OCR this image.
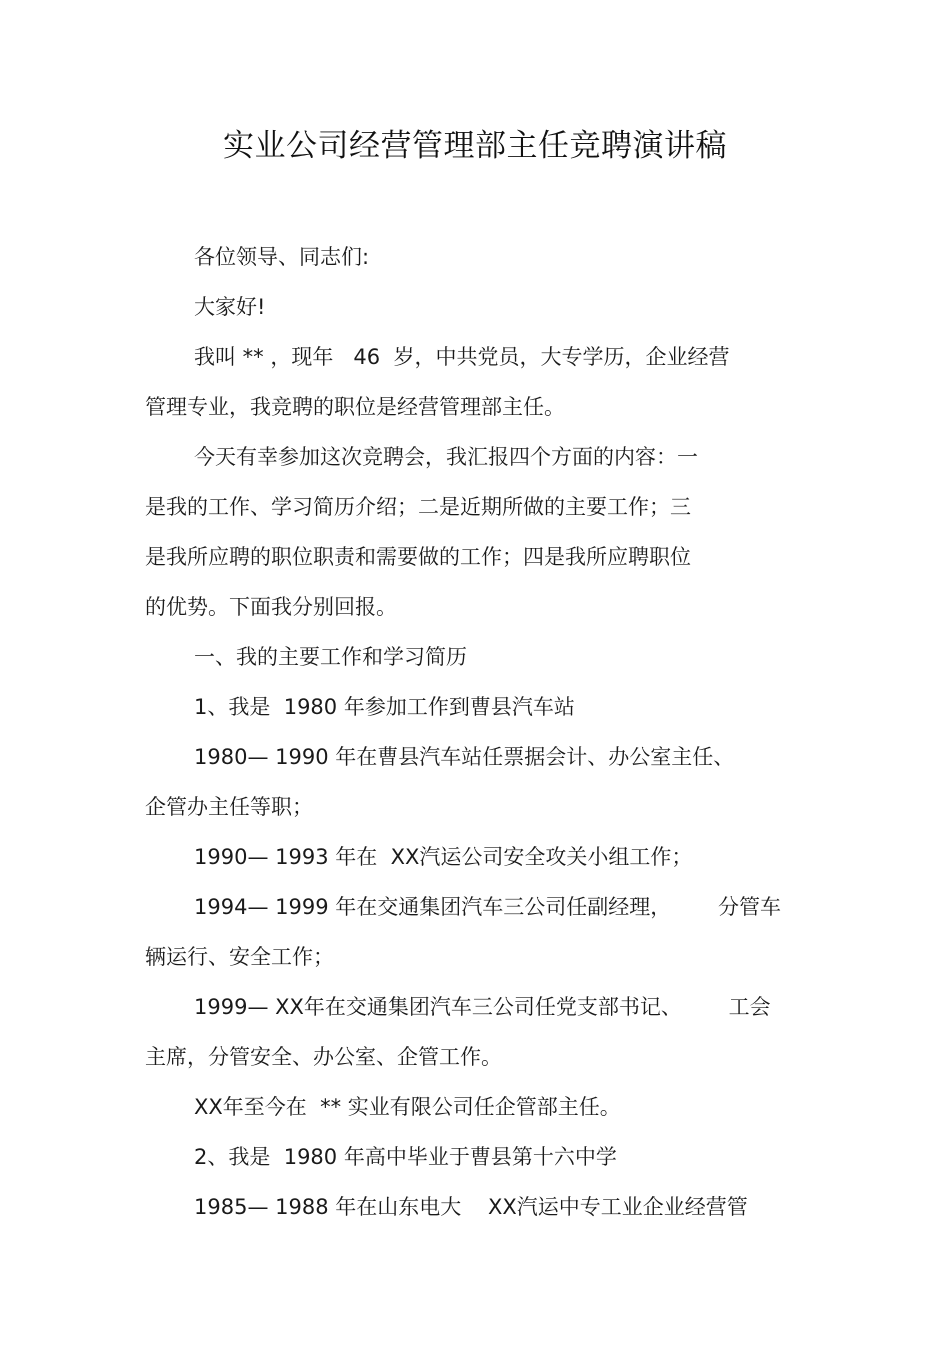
实业公司经营管理部主任竞聘演讲稿

各位领导、同志们:

大家好!

我叫 ** ，现年   46  岁，中共党员，大专学历，企业经营

管理专业，我竞聘的职位是经营管理部主任。

今天有幸参加这次竞聘会，我汇报四个方面的内容：一

是我的工作、学习简历介绍；二是近期所做的主要工作；三

是我所应聘的职位职责和需要做的工作；四是我所应聘职位

的优势。下面我分别回报。

一、我的主要工作和学习简历

1、我是  1980 年参加工作到曹县汽车站

1980— 1990 年在曹县汽车站任票据会计、办公室主任、

企管办主任等职；

1990— 1993 年在  XX汽运公司安全攻关小组工作；

1994— 1999 年在交通集团汽车三公司任副经理，       分管车

辆运行、安全工作；

1999— XX年在交通集团汽车三公司任党支部书记、       工会

主席，分管安全、办公室、企管工作。

XX年至今在  ** 实业有限公司任企管部主任。

2、我是  1980 年高中毕业于曹县第十六中学

1985— 1988 年在山东电大    XX汽运中专工业企业经营管
